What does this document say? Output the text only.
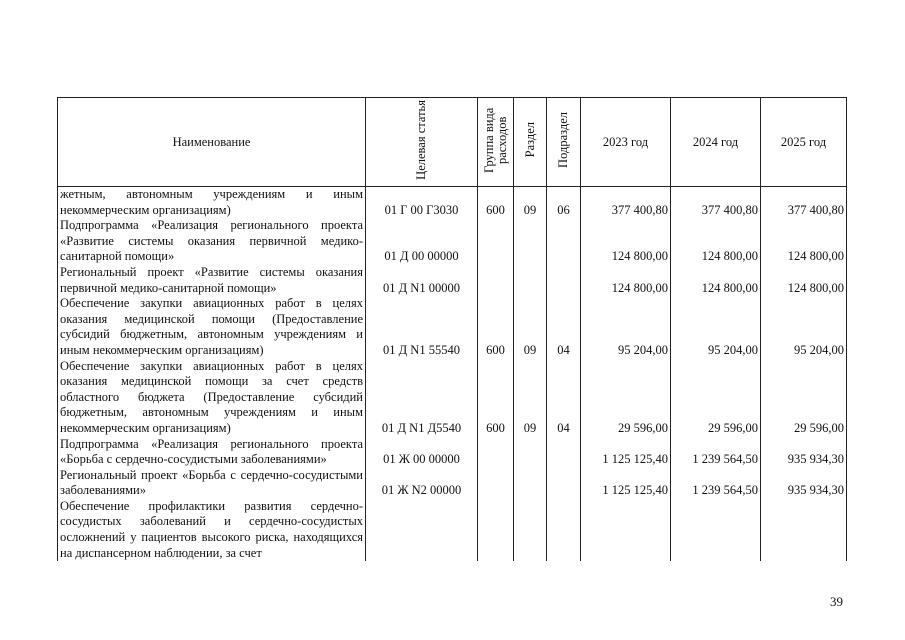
Наименование	Целевая статья	Группа вида расходов	Раздел	Подраздел	2023 год	2024 год	2025 год
жетным, автономным учреждениям и иным некоммерческим организациям)	01 Г 00 Г3030	600	09	06	377 400,80	377 400,80	377 400,80
Подпрограмма «Реализация регионального проекта «Развитие системы оказания первичной медико-санитарной помощи»	01 Д 00 00000				124 800,00	124 800,00	124 800,00
Региональный проект «Развитие системы оказания первичной медико-санитарной помощи»	01 Д N1 00000				124 800,00	124 800,00	124 800,00
Обеспечение закупки авиационных работ в целях оказания медицинской помощи (Предоставление субсидий бюджетным, автономным учреждениям и иным некоммерческим организациям)	01 Д N1 55540	600	09	04	95 204,00	95 204,00	95 204,00
Обеспечение закупки авиационных работ в целях оказания медицинской помощи за счет средств областного бюджета (Предоставление субсидий бюджетным, автономным учреждениям и иным некоммерческим организациям)	01 Д N1 Д5540	600	09	04	29 596,00	29 596,00	29 596,00
Подпрограмма «Реализация регионального проекта «Борьба с сердечно-сосудистыми заболеваниями»	01 Ж 00 00000				1 125 125,40	1 239 564,50	935 934,30
Региональный проект «Борьба с сердечно-сосудистыми заболеваниями»	01 Ж N2 00000				1 125 125,40	1 239 564,50	935 934,30
Обеспечение профилактики развития сердечно-сосудистых заболеваний и сердечно-сосудистых осложнений у пациентов высокого риска, находящихся на диспансерном наблюдении, за счет							
39
